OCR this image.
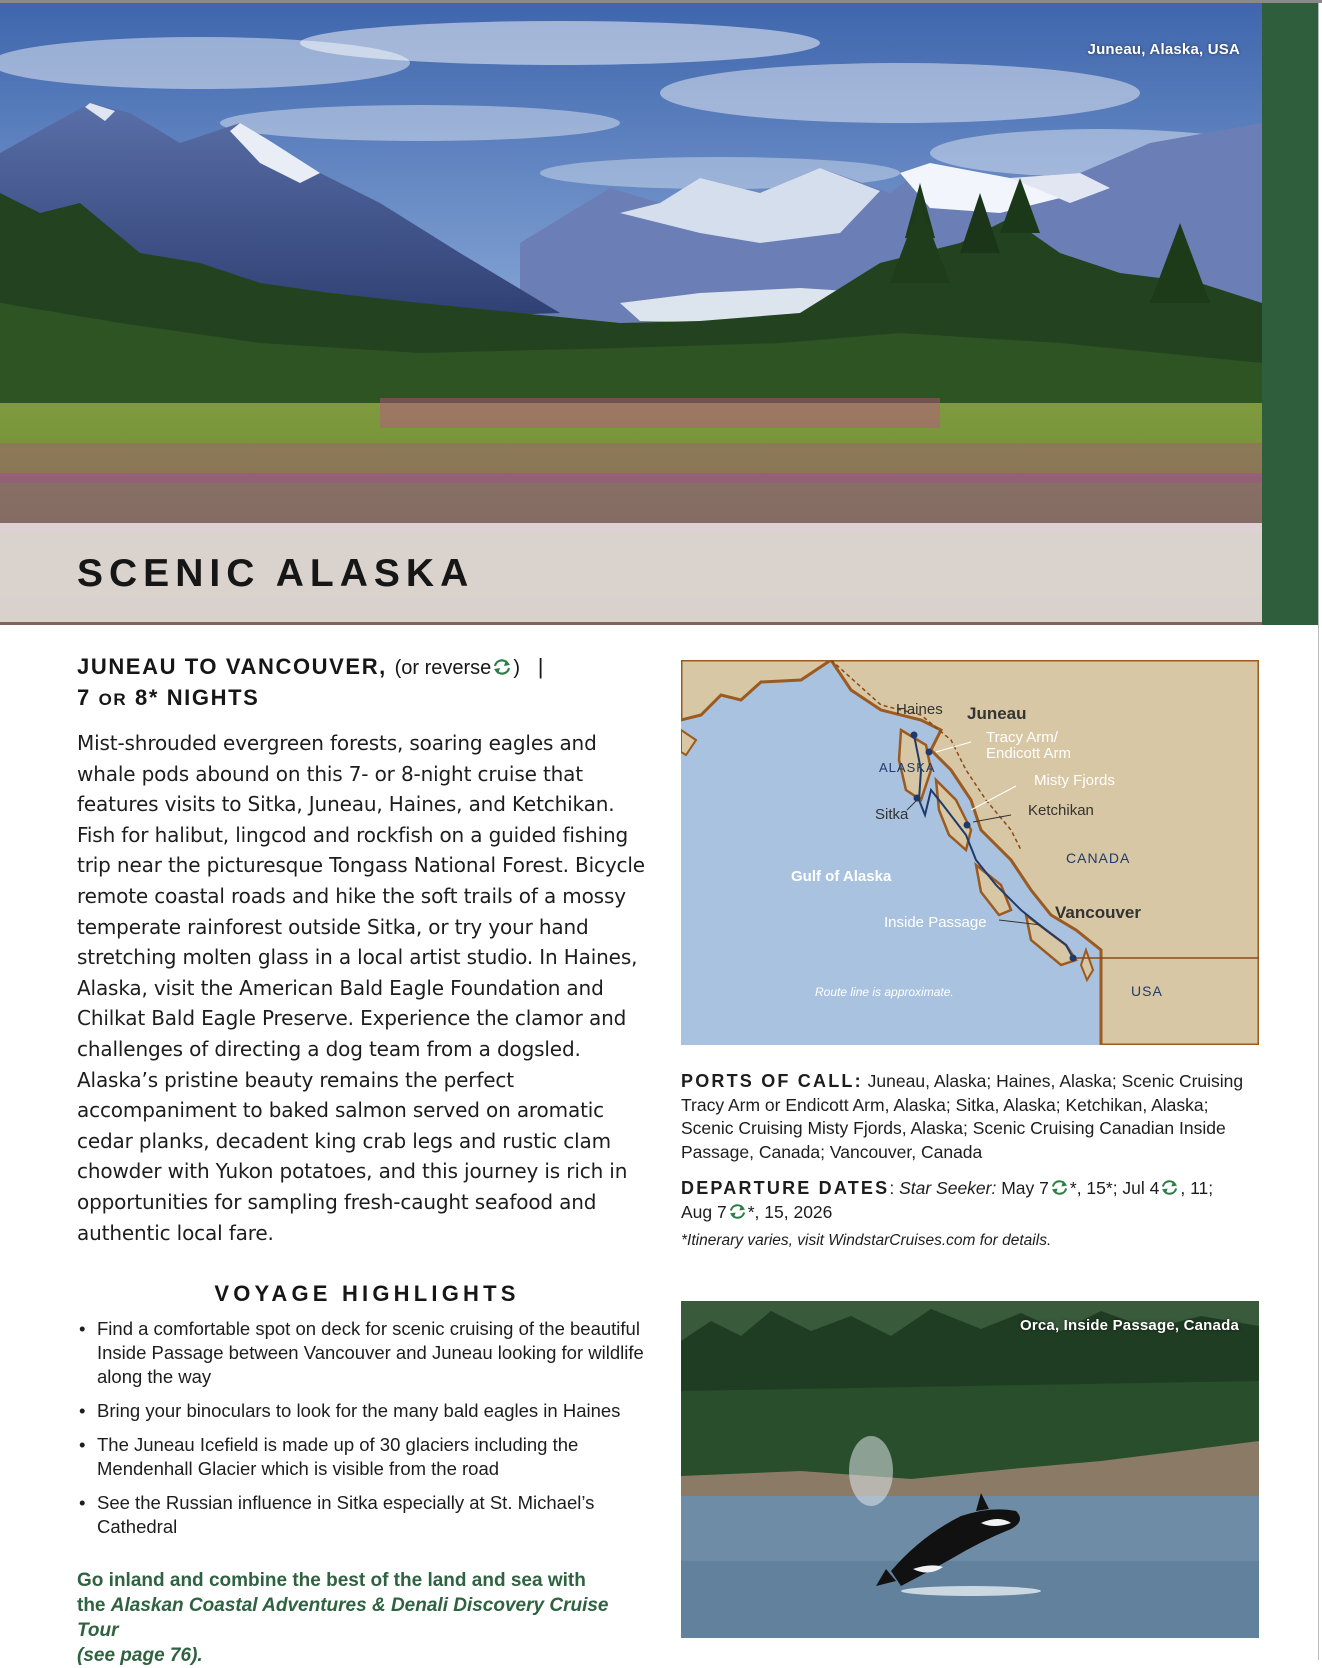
Juneau, Alaska, USA
SCENIC ALASKA
JUNEAU TO VANCOUVER, (or reverse ) |
7 OR 8* NIGHTS

Mist-shrouded evergreen forests, soaring eagles and whale pods abound on this 7- or 8-night cruise that features visits to Sitka, Juneau, Haines, and Ketchikan. Fish for halibut, lingcod and rockfish on a guided fishing trip near the picturesque Tongass National Forest. Bicycle remote coastal roads and hike the soft trails of a mossy temperate rainforest outside Sitka, or try your hand stretching molten glass in a local artist studio. In Haines, Alaska, visit the American Bald Eagle Foundation and Chilkat Bald Eagle Preserve. Experience the clamor and challenges of directing a dog team from a dogsled. Alaska’s pristine beauty remains the perfect accompaniment to baked salmon served on aromatic cedar planks, decadent king crab legs and rustic clam chowder with Yukon potatoes, and this journey is rich in opportunities for sampling fresh-caught seafood and authentic local fare.

VOYAGE HIGHLIGHTS
• Find a comfortable spot on deck for scenic cruising of the beautiful Inside Passage between Vancouver and Juneau looking for wildlife along the way
• Bring your binoculars to look for the many bald eagles in Haines
• The Juneau Icefield is made up of 30 glaciers including the Mendenhall Glacier which is visible from the road
• See the Russian influence in Sitka especially at St. Michael’s Cathedral

Go inland and combine the best of the land and sea with
the Alaskan Coastal Adventures & Denali Discovery Cruise Tour
(see page 76).

Haines Juneau
Tracy Arm/
Endicott Arm
ALASKA
Misty Fjords
Sitka	Ketchikan
CANADA
Gulf of Alaska
Vancouver
Inside Passage
Route line is approximate.	USA

PORTS OF CALL: Juneau, Alaska; Haines, Alaska; Scenic Cruising Tracy Arm or Endicott Arm, Alaska; Sitka, Alaska; Ketchikan, Alaska; Scenic Cruising Misty Fjords, Alaska; Scenic Cruising Canadian Inside Passage, Canada; Vancouver, Canada

DEPARTURE DATES: Star Seeker: May 7 *, 15*; Jul 4 , 11;
Aug 7 *, 15, 2026

*Itinerary varies, visit WindstarCruises.com for details.

Orca, Inside Passage, Canada
